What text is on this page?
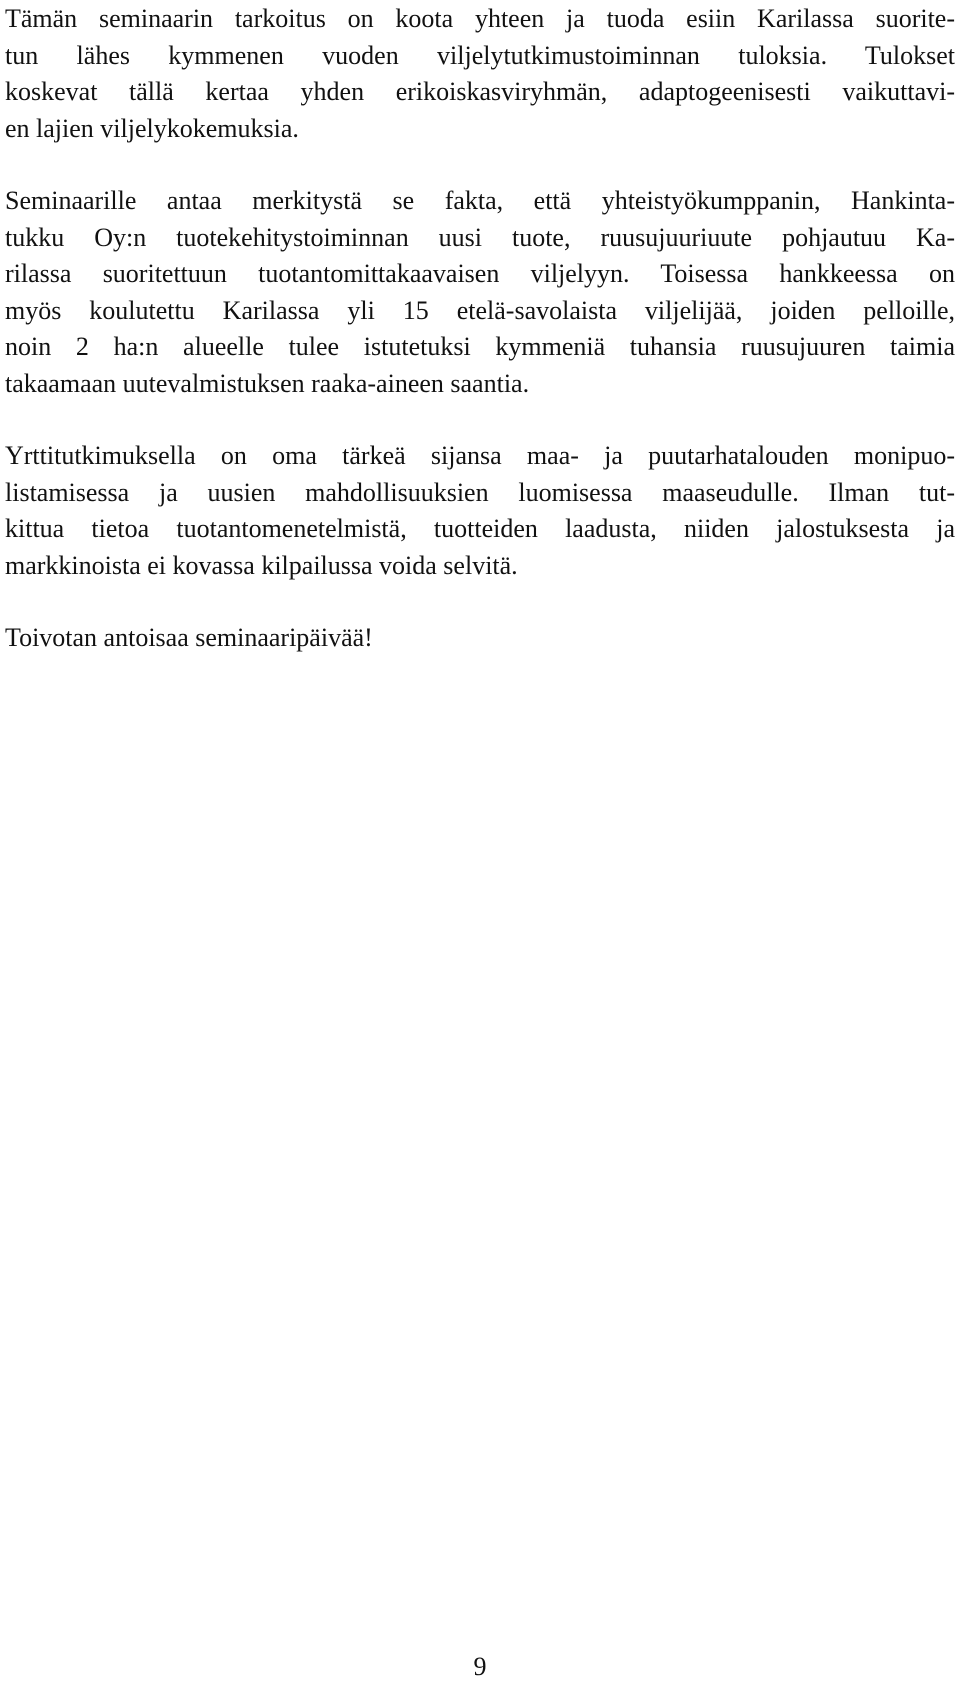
Tämän seminaarin tarkoitus on koota yhteen ja tuoda esiin Karilassa suorite-
tun lähes kymmenen vuoden viljelytutkimustoiminnan tuloksia. Tulokset
koskevat tällä kertaa yhden erikoiskasviryhmän, adaptogeenisesti vaikuttavi-
en lajien viljelykokemuksia.

Seminaarille antaa merkitystä se fakta, että yhteistyökumppanin, Hankinta-
tukku Oy:n tuotekehitystoiminnan uusi tuote, ruusujuuriuute pohjautuu Ka-
rilassa suoritettuun tuotantomittakaavaisen viljelyyn. Toisessa hankkeessa on
myös koulutettu Karilassa yli 15 etelä-savolaista viljelijää, joiden pelloille,
noin 2 ha:n alueelle tulee istutetuksi kymmeniä tuhansia ruusujuuren taimia
takaamaan uutevalmistuksen raaka-aineen saantia.

Yrttitutkimuksella on oma tärkeä sijansa maa- ja puutarhatalouden monipuo-
listamisessa ja uusien mahdollisuuksien luomisessa maaseudulle. Ilman tut-
kittua tietoa tuotantomenetelmistä, tuotteiden laadusta, niiden jalostuksesta ja
markkinoista ei kovassa kilpailussa voida selvitä.

Toivotan antoisaa seminaaripäivää!

9
